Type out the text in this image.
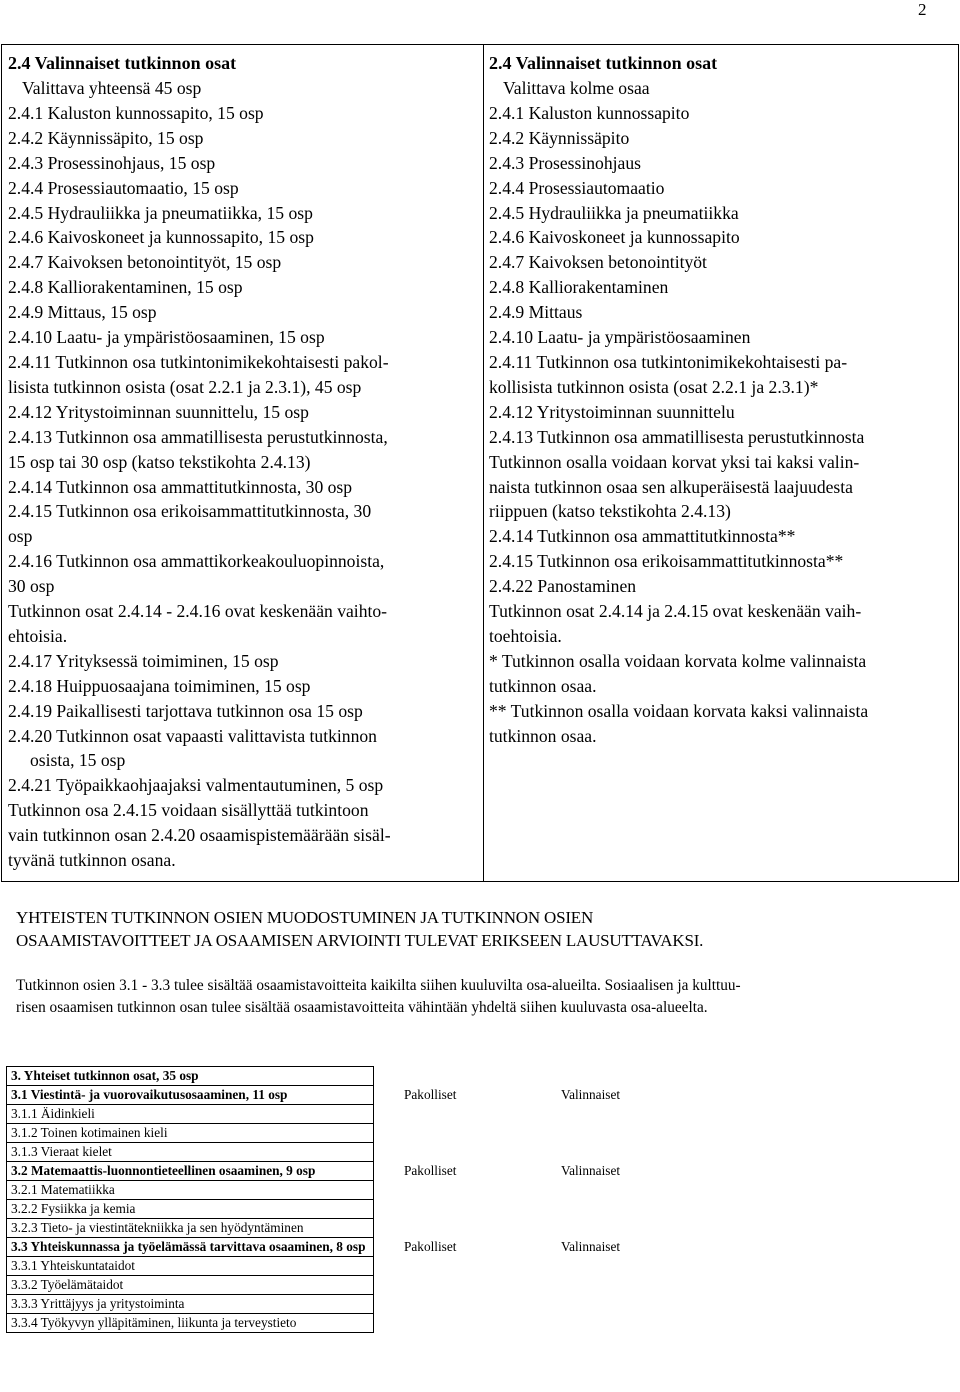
2
2.4 Valinnaiset tutkinnon osat
Valittava yhteensä 45 osp
2.4.1 Kaluston kunnossapito, 15 osp
2.4.2 Käynnissäpito, 15 osp
2.4.3 Prosessinohjaus, 15 osp
2.4.4 Prosessiautomaatio, 15 osp
2.4.5 Hydrauliikka ja pneumatiikka, 15 osp
2.4.6 Kaivoskoneet ja kunnossapito, 15 osp
2.4.7 Kaivoksen betonointityöt, 15 osp
2.4.8 Kalliorakentaminen, 15 osp
2.4.9 Mittaus, 15 osp
2.4.10 Laatu- ja ympäristöosaaminen, 15 osp
2.4.11 Tutkinnon osa tutkintonimikekohtaisesti pakol-
lisista tutkinnon osista (osat 2.2.1 ja 2.3.1), 45 osp
2.4.12 Yritystoiminnan suunnittelu, 15 osp
2.4.13 Tutkinnon osa ammatillisesta perustutkinnosta,
15 osp tai 30 osp (katso tekstikohta 2.4.13)
2.4.14 Tutkinnon osa ammattitutkinnosta, 30 osp
2.4.15 Tutkinnon osa erikoisammattitutkinnosta, 30
osp
2.4.16 Tutkinnon osa ammattikorkeakouluopinnoista,
30 osp
Tutkinnon osat 2.4.14 - 2.4.16 ovat keskenään vaihto-
ehtoisia.
2.4.17 Yrityksessä toimiminen, 15 osp
2.4.18 Huippuosaajana toimiminen, 15 osp
2.4.19 Paikallisesti tarjottava tutkinnon osa 15 osp
2.4.20 Tutkinnon osat vapaasti valittavista tutkinnon
osista, 15 osp
2.4.21 Työpaikkaohjaajaksi valmentautuminen, 5 osp
Tutkinnon osa 2.4.15 voidaan sisällyttää tutkintoon
vain tutkinnon osan 2.4.20 osaamispistemäärään sisäl-
tyvänä tutkinnon osana.
2.4 Valinnaiset tutkinnon osat
Valittava kolme osaa
2.4.1 Kaluston kunnossapito
2.4.2 Käynnissäpito
2.4.3 Prosessinohjaus
2.4.4 Prosessiautomaatio
2.4.5 Hydrauliikka ja pneumatiikka
2.4.6 Kaivoskoneet ja kunnossapito
2.4.7 Kaivoksen betonointityöt
2.4.8 Kalliorakentaminen
2.4.9 Mittaus
2.4.10 Laatu- ja ympäristöosaaminen
2.4.11 Tutkinnon osa tutkintonimikekohtaisesti pa-
kollisista tutkinnon osista (osat 2.2.1 ja 2.3.1)*
2.4.12 Yritystoiminnan suunnittelu
2.4.13 Tutkinnon osa ammatillisesta perustutkinnosta
Tutkinnon osalla voidaan korvat yksi tai kaksi valin-
naista tutkinnon osaa sen alkuperäisestä laajuudesta
riippuen (katso tekstikohta 2.4.13)
2.4.14 Tutkinnon osa ammattitutkinnosta**
2.4.15 Tutkinnon osa erikoisammattitutkinnosta**
2.4.22 Panostaminen
Tutkinnon osat 2.4.14 ja 2.4.15 ovat keskenään vaih-
toehtoisia.
* Tutkinnon osalla voidaan korvata kolme valinnaista
tutkinnon osaa.
** Tutkinnon osalla voidaan korvata kaksi valinnaista
tutkinnon osaa.
YHTEISTEN TUTKINNON OSIEN MUODOSTUMINEN JA TUTKINNON OSIEN
OSAAMISTAVOITTEET JA OSAAMISEN ARVIOINTI TULEVAT ERIKSEEN LAUSUTTAVAKSI.
Tutkinnon osien 3.1 - 3.3 tulee sisältää osaamistavoitteita kaikilta siihen kuuluvilta osa-alueilta. Sosiaalisen ja kulttuu-
risen osaamisen tutkinnon osan tulee sisältää osaamistavoitteita vähintään yhdeltä siihen kuuluvasta osa-alueelta.
3. Yhteiset tutkinnon osat, 35 osp		
3.1 Viestintä- ja vuorovaikutusosaaminen, 11 osp	Pakolliset	Valinnaiset
3.1.1 Äidinkieli		
3.1.2 Toinen kotimainen kieli		
3.1.3 Vieraat kielet		
3.2 Matemaattis-luonnontieteellinen osaaminen, 9 osp	Pakolliset	Valinnaiset
3.2.1 Matematiikka		
3.2.2 Fysiikka ja kemia		
3.2.3 Tieto- ja viestintätekniikka ja sen hyödyntäminen		
3.3 Yhteiskunnassa ja työelämässä tarvittava osaaminen, 8 osp	Pakolliset	Valinnaiset
3.3.1 Yhteiskuntataidot		
3.3.2 Työelämätaidot		
3.3.3 Yrittäjyys ja yritystoiminta		
3.3.4 Työkyvyn ylläpitäminen, liikunta ja terveystieto		
